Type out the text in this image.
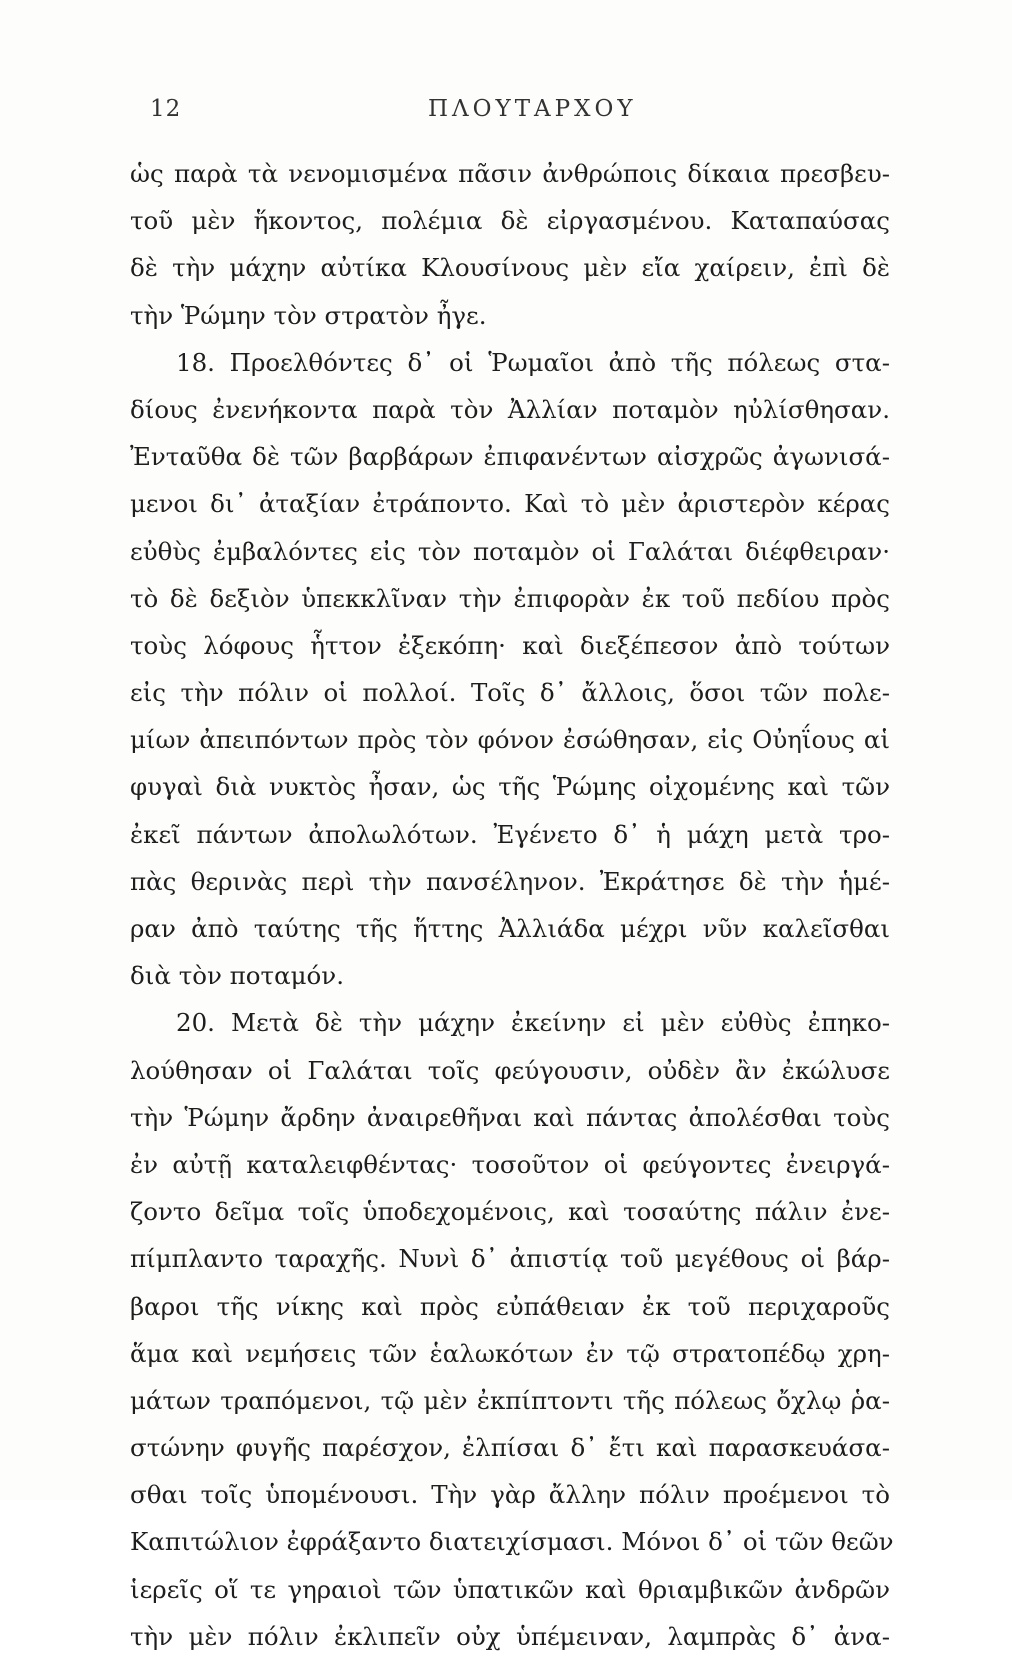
12	ΠΛΟΥΤΑΡΧΟΥ
ὡς παρὰ τὰ νενομισμένα πᾶσιν ἀνθρώποις δίκαια πρεσβευ-
τοῦ μὲν ἥκοντος, πολέμια δὲ εἰργασμένου. Καταπαύσας
δὲ τὴν μάχην αὐτίκα Κλουσίνους μὲν εἴα χαίρειν, ἐπὶ δὲ
τὴν Ῥώμην τὸν στρατὸν ἦγε.
18. Προελθόντες δ᾽ οἱ Ῥωμαῖοι ἀπὸ τῆς πόλεως στα-
δίους ἐνενήκοντα παρὰ τὸν Ἀλλίαν ποταμὸν ηὐλίσθησαν.
Ἐνταῦθα δὲ τῶν βαρβάρων ἐπιφανέντων αἰσχρῶς ἀγωνισά-
μενοι δι᾽ ἀταξίαν ἐτράποντο. Καὶ τὸ μὲν ἀριστερὸν κέρας
εὐθὺς ἐμβαλόντες εἰς τὸν ποταμὸν οἱ Γαλάται διέφθειραν·
τὸ δὲ δεξιὸν ὑπεκκλῖναν τὴν ἐπιφορὰν ἐκ τοῦ πεδίου πρὸς
τοὺς λόφους ἧττον ἐξεκόπη· καὶ διεξέπεσον ἀπὸ τούτων
εἰς τὴν πόλιν οἱ πολλοί. Τοῖς δ᾽ ἄλλοις, ὅσοι τῶν πολε-
μίων ἀπειπόντων πρὸς τὸν φόνον ἐσώθησαν, εἰς Οὐηΐους αἱ
φυγαὶ διὰ νυκτὸς ἦσαν, ὡς τῆς Ῥώμης οἰχομένης καὶ τῶν
ἐκεῖ πάντων ἀπολωλότων. Ἐγένετο δ᾽ ἡ μάχη μετὰ τρο-
πὰς θερινὰς περὶ τὴν πανσέληνον. Ἐκράτησε δὲ τὴν ἡμέ-
ραν ἀπὸ ταύτης τῆς ἥττης Ἀλλιάδα μέχρι νῦν καλεῖσθαι
διὰ τὸν ποταμόν.
20. Μετὰ δὲ τὴν μάχην ἐκείνην εἰ μὲν εὐθὺς ἐπηκο-
λούθησαν οἱ Γαλάται τοῖς φεύγουσιν, οὐδὲν ἂν ἐκώλυσε
τὴν Ῥώμην ἄρδην ἀναιρεθῆναι καὶ πάντας ἀπολέσθαι τοὺς
ἐν αὐτῇ καταλειφθέντας· τοσοῦτον οἱ φεύγοντες ἐνειργά-
ζοντο δεῖμα τοῖς ὑποδεχομένοις, καὶ τοσαύτης πάλιν ἐνε-
πίμπλαντο ταραχῆς. Νυνὶ δ᾽ ἀπιστίᾳ τοῦ μεγέθους οἱ βάρ-
βαροι τῆς νίκης καὶ πρὸς εὐπάθειαν ἐκ τοῦ περιχαροῦς
ἅμα καὶ νεμήσεις τῶν ἑαλωκότων ἐν τῷ στρατοπέδῳ χρη-
μάτων τραπόμενοι, τῷ μὲν ἐκπίπτοντι τῆς πόλεως ὄχλῳ ῥα-
στώνην φυγῆς παρέσχον, ἐλπίσαι δ᾽ ἔτι καὶ παρασκευάσα-
σθαι τοῖς ὑπομένουσι. Τὴν γὰρ ἄλλην πόλιν προέμενοι τὸ
Καπιτώλιον ἐφράξαντο διατειχίσμασι. Μόνοι δ᾽ οἱ τῶν θεῶν
ἱερεῖς οἵ τε γηραιοὶ τῶν ὑπατικῶν καὶ θριαμβικῶν ἀνδρῶν
τὴν μὲν πόλιν ἐκλιπεῖν οὐχ ὑπέμειναν, λαμπρὰς δ᾽ ἀνα-
